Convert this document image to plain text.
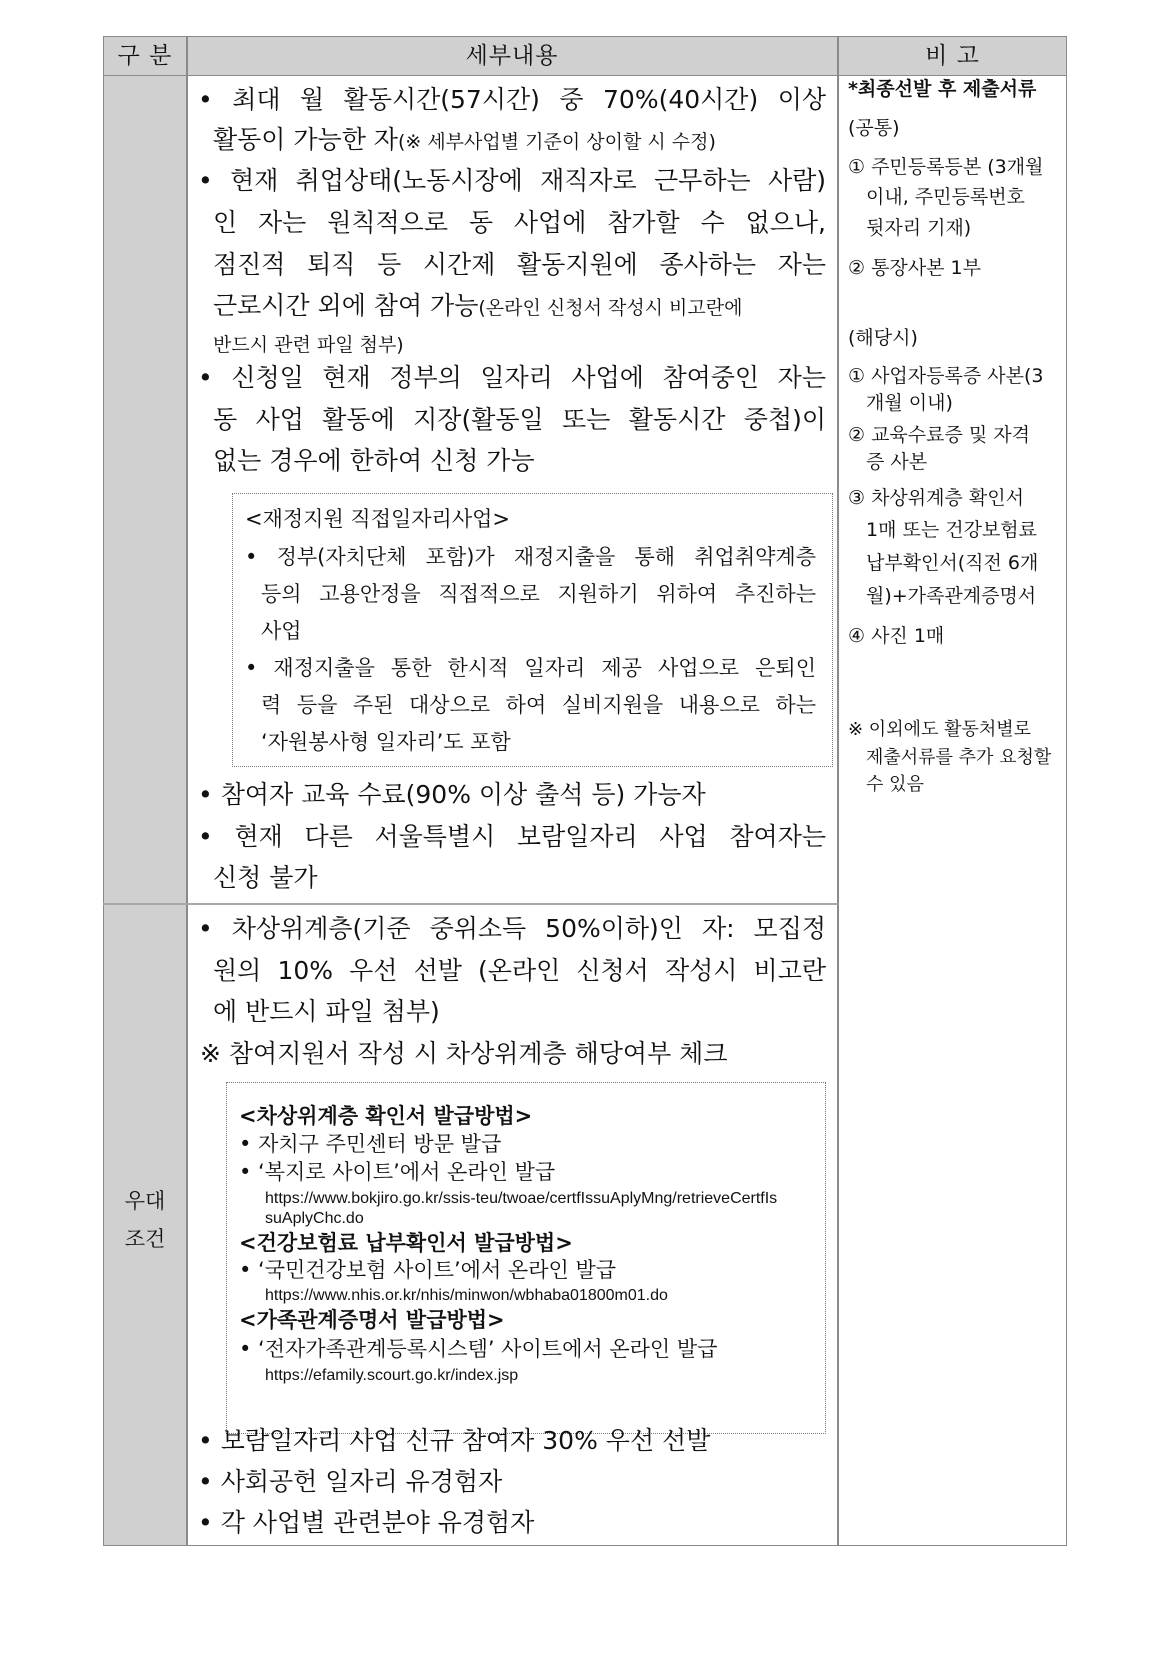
구 분	세부내용	비 고
우대
조건
• 최대 월 활동시간(57시간) 중 70%(40시간) 이상
활동이 가능한 자(※ 세부사업별 기준이 상이할 시 수정)
• 현재 취업상태(노동시장에 재직자로 근무하는 사람)
인 자는 원칙적으로 동 사업에 참가할 수 없으나,
점진적 퇴직 등 시간제 활동지원에 종사하는 자는
근로시간 외에 참여 가능(온라인 신청서 작성시 비고란에
반드시 관련 파일 첨부)
• 신청일 현재 정부의 일자리 사업에 참여중인 자는
동 사업 활동에 지장(활동일 또는 활동시간 중첩)이
없는 경우에 한하여 신청 가능
<재정지원 직접일자리사업>
• 정부(자치단체 포함)가 재정지출을 통해 취업취약계층
등의 고용안정을 직접적으로 지원하기 위하여 추진하는
사업
• 재정지출을 통한 한시적 일자리 제공 사업으로 은퇴인
력 등을 주된 대상으로 하여 실비지원을 내용으로 하는
‘자원봉사형 일자리’도 포함
• 참여자 교육 수료(90% 이상 출석 등) 가능자
• 현재 다른 서울특별시 보람일자리 사업 참여자는
신청 불가
• 차상위계층(기준 중위소득 50%이하)인 자: 모집정
원의 10% 우선 선발 (온라인 신청서 작성시 비고란
에 반드시 파일 첨부)
※ 참여지원서 작성 시 차상위계층 해당여부 체크
<차상위계층 확인서 발급방법>
• 자치구 주민센터 방문 발급
• ‘복지로 사이트’에서 온라인 발급
https://www.bokjiro.go.kr/ssis-teu/twoae/certfIssuAplyMng/retrieveCertfIs
suAplyChc.do
<건강보험료 납부확인서 발급방법>
• ‘국민건강보험 사이트’에서 온라인 발급
https://www.nhis.or.kr/nhis/minwon/wbhaba01800m01.do
<가족관계증명서 발급방법>
• ‘전자가족관계등록시스템’ 사이트에서 온라인 발급
https://efamily.scourt.go.kr/index.jsp
• 보람일자리 사업 신규 참여자 30% 우선 선발
• 사회공헌 일자리 유경험자
• 각 사업별 관련분야 유경험자
*최종선발 후 제출서류
(공통)
① 주민등록등본 (3개월
이내, 주민등록번호
뒷자리 기재)
② 통장사본 1부
(해당시)
① 사업자등록증 사본(3
개월 이내)
② 교육수료증 및 자격
증 사본
③ 차상위계층 확인서
1매 또는 건강보험료
납부확인서(직전 6개
월)+가족관계증명서
④ 사진 1매
※ 이외에도 활동처별로
제출서류를 추가 요청할
수 있음
